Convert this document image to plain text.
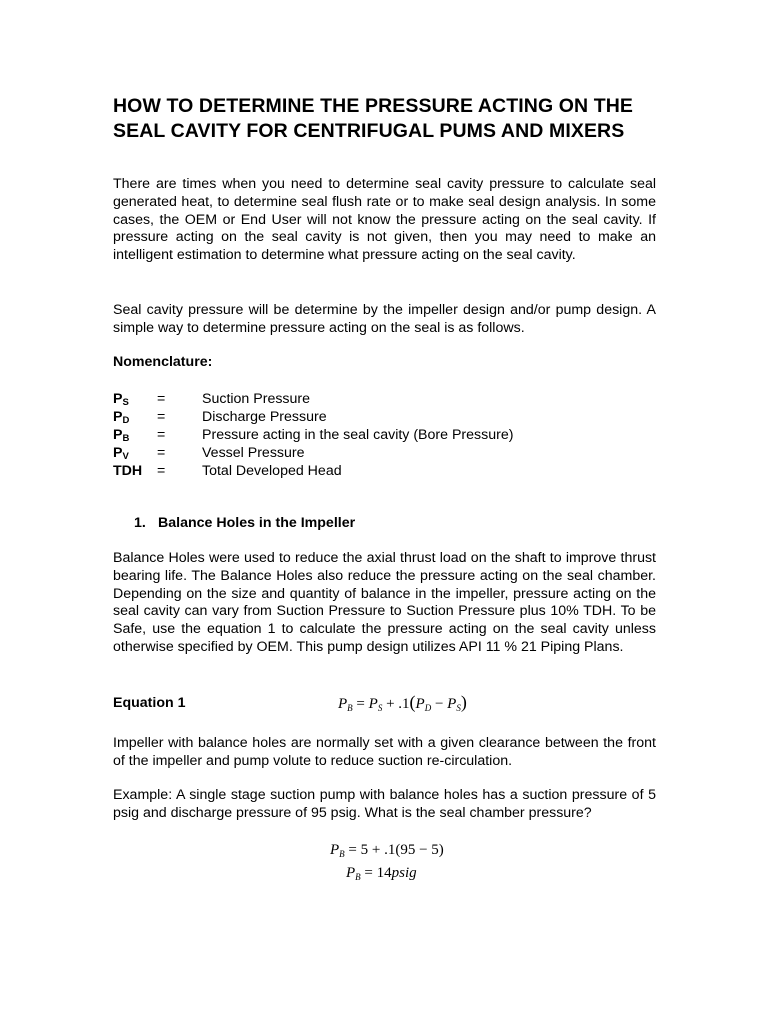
HOW TO DETERMINE THE PRESSURE ACTING ON THE SEAL CAVITY FOR CENTRIFUGAL PUMS AND MIXERS

There are times when you need to determine seal cavity pressure to calculate seal generated heat, to determine seal flush rate or to make seal design analysis. In some cases, the OEM or End User will not know the pressure acting on the seal cavity. If pressure acting on the seal cavity is not given, then you may need to make an intelligent estimation to determine what pressure acting on the seal cavity.

Seal cavity pressure will be determine by the impeller design and/or pump design. A simple way to determine pressure acting on the seal is as follows.

Nomenclature:
$P_S$	=	Suction Pressure
$P_D$	=	Discharge Pressure
$P_B$	=	Pressure acting in the seal cavity (Bore Pressure)
$P_V$	=	Vessel Pressure
TDH	=	Total Developed Head
1. Balance Holes in the Impeller

Balance Holes were used to reduce the axial thrust load on the shaft to improve thrust bearing life. The Balance Holes also reduce the pressure acting on the seal chamber. Depending on the size and quantity of balance in the impeller, pressure acting on the seal cavity can vary from Suction Pressure to Suction Pressure plus 10% TDH. To be Safe, use the equation 1 to calculate the pressure acting on the seal cavity unless otherwise specified by OEM. This pump design utilizes API 11 % 21 Piping Plans.

Equation 1	$P_B = P_S + .1(P_D - P_S)$

Impeller with balance holes are normally set with a given clearance between the front of the impeller and pump volute to reduce suction re-circulation.

Example: A single stage suction pump with balance holes has a suction pressure of 5 psig and discharge pressure of 95 psig. What is the seal chamber pressure?

$P_B = 5 + .1(95 - 5)$
$P_B$ = 14psig
